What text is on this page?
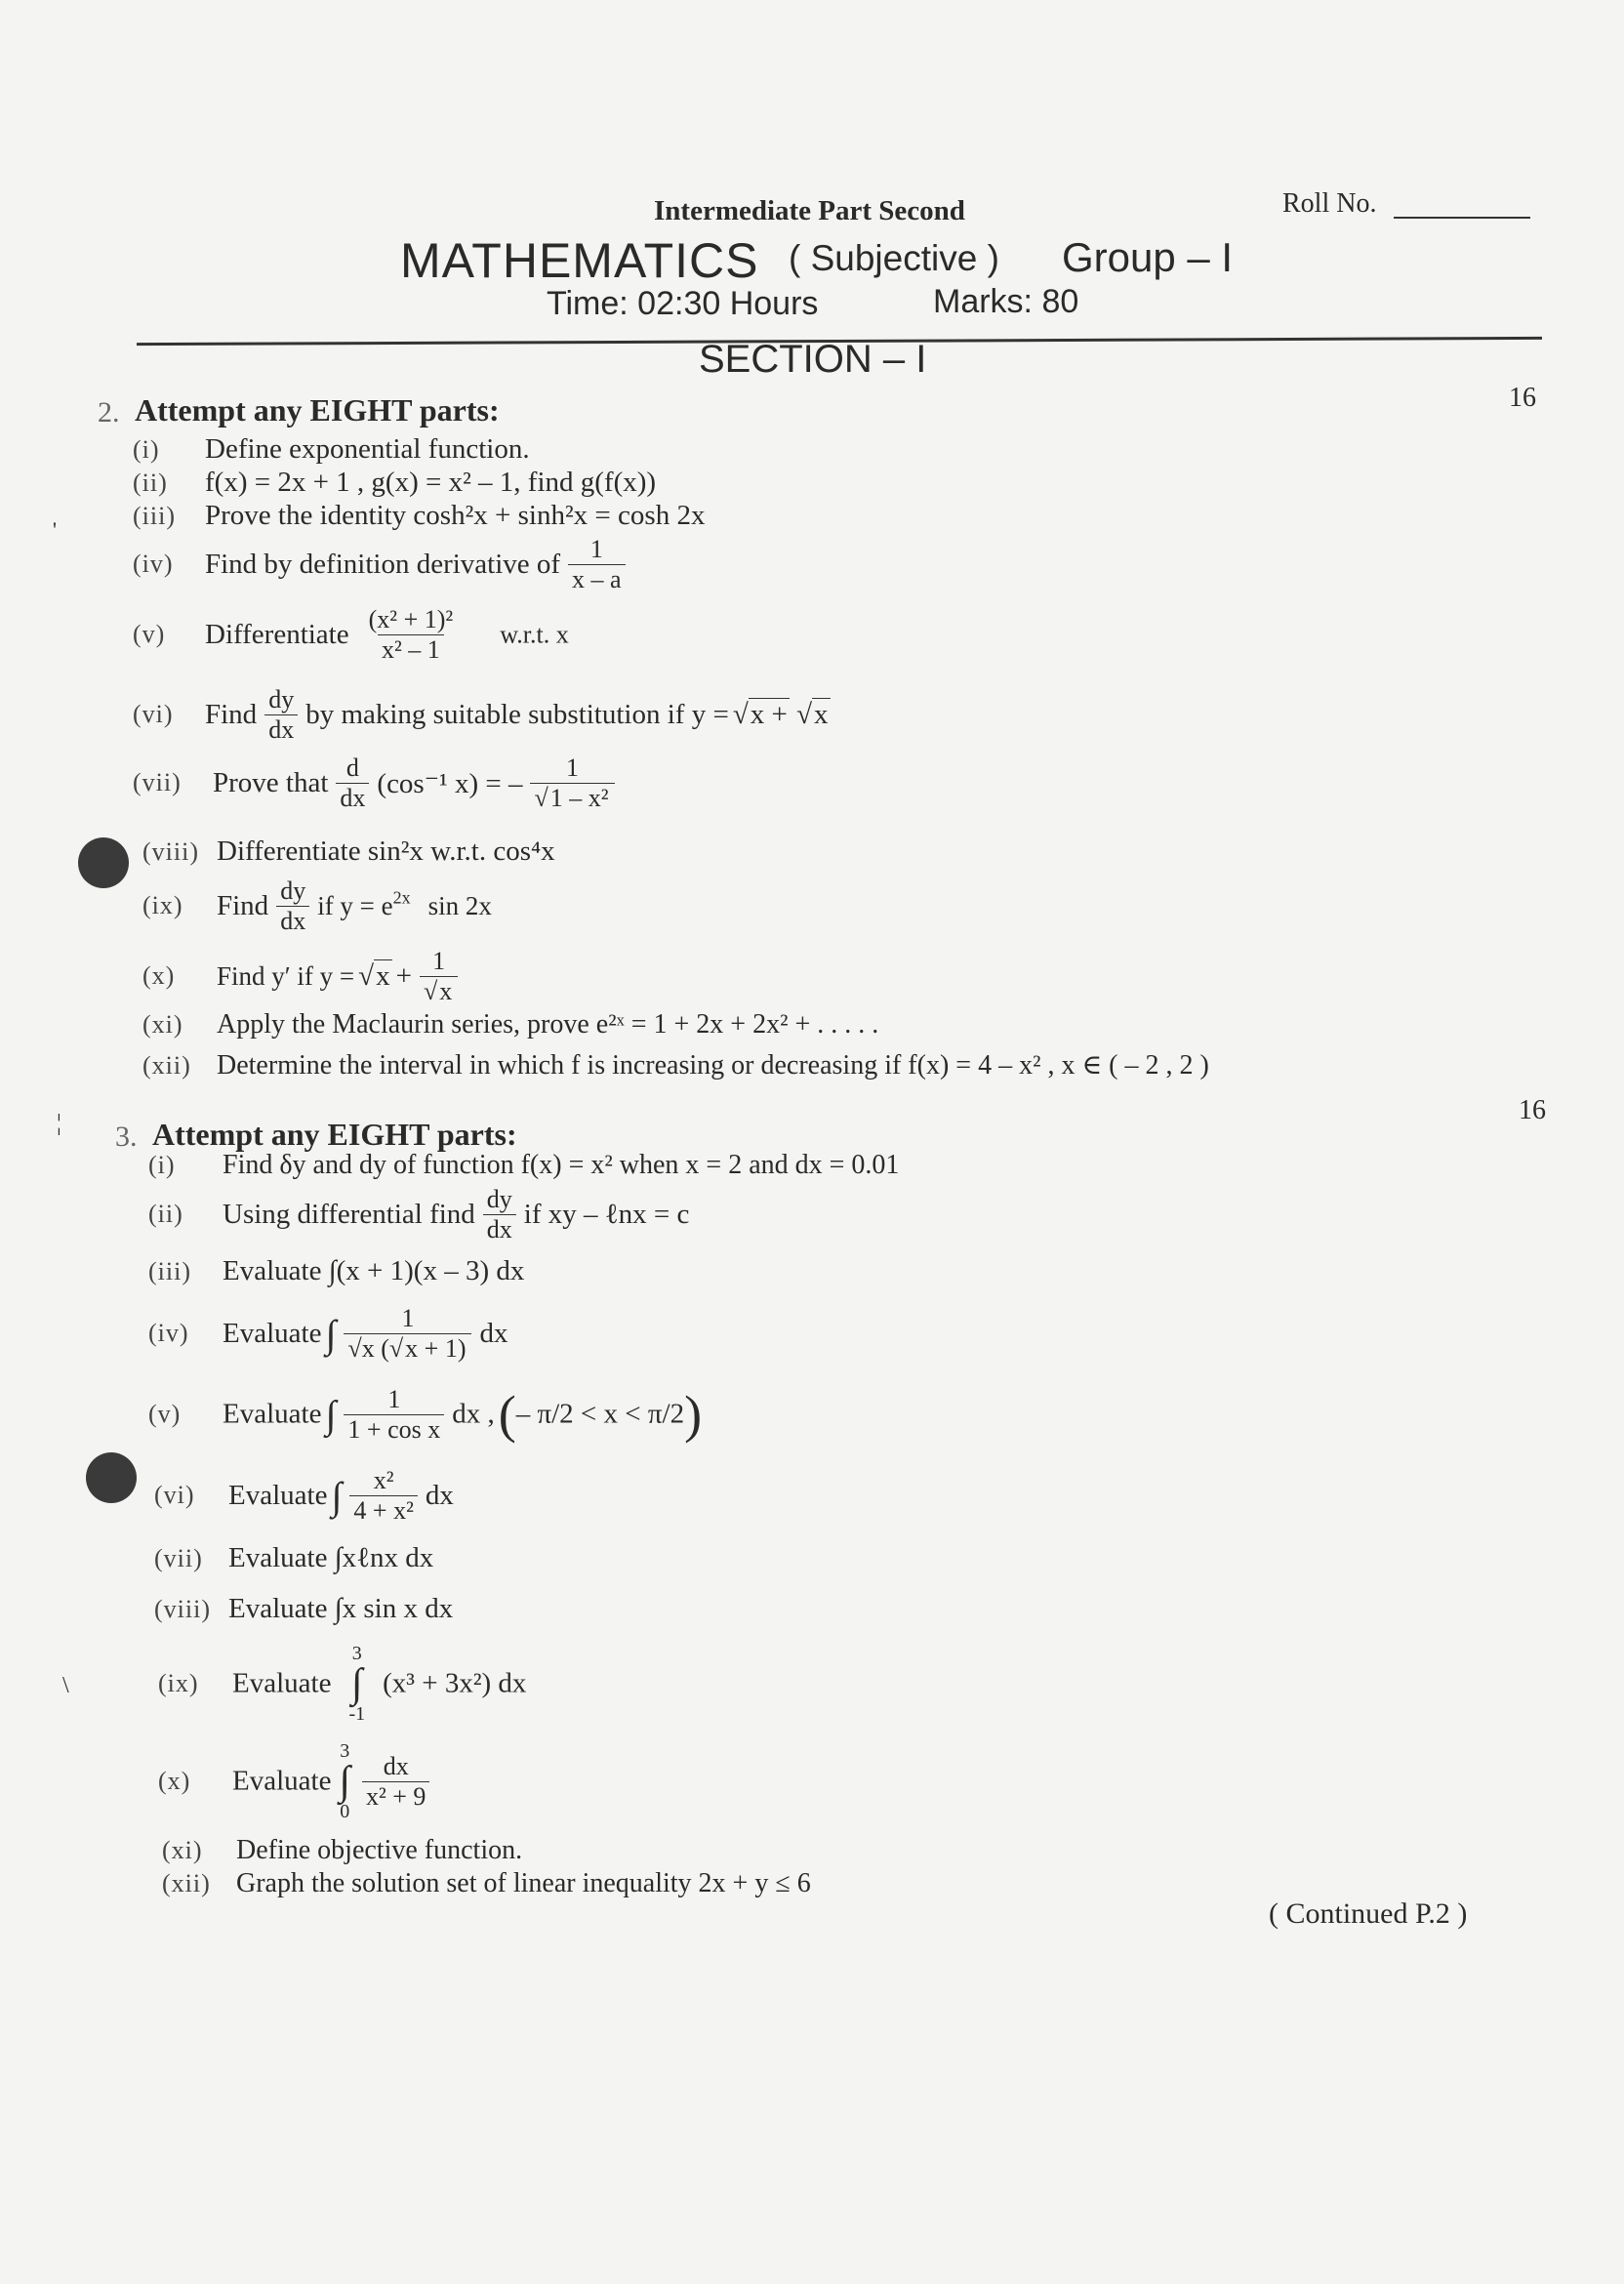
Intermediate Part Second	Roll No.
MATHEMATICS ( Subjective ) Group – I
Time: 02:30 Hours	Marks: 80
SECTION – I
2. Attempt any EIGHT parts:	16
(i) Define exponential function.
(ii) f(x) = 2x + 1 , g(x) = x² – 1, find g(f(x))
(iii) Prove the identity cosh²x + sinh²x = cosh 2x
(iv) Find by definition derivative of $\frac{1}{x - a}$
(v) Differentiate $\frac{\text{(x² + 1)²}}{\text{x² – 1}} w.r.t$. x
(vi) Find $\frac{dy}{dx}$ by making suitable substitution if y = √x + √x
(vii) Prove that $\frac{d}{dx} (\cos^{-1}$ x) = – $\frac{1}{\text{√1 – x²}}$
(viii) Differentiate sin²x w.r.t. cos⁴x
(ix) Find $\frac{dy}{dx}$ if $y = e^{2x}$ sin 2x
(x) Find y′ if $y = √x + \frac{1}{√x}$
(xi) Apply the Maclaurin series, prove e²ˣ = 1 + 2x + 2x² + . . . . .
(xii) Determine the interval in which f is increasing or decreasing if f(x) = 4 – x² , x ∈ ( – 2 , 2 )
3. Attempt any EIGHT parts:
16
(i) Find δy and dy of function f(x) = x² when x = 2 and dx = 0.01
(ii) Using differential find $\frac{dy}{dx}$ if xy – ℓnx = c
(iii) Evaluate ∫(x + 1)(x – 3) dx
(iv) Evaluate ∫ $\frac{1}{√x (√x + 1)}$ dx
(v) Evaluate ∫ $\frac{1}{\text{1 + cos x}}$ dx , (– π/2 < x < π/2)
(vi) Evaluate ∫ $\frac{\text{x²}}{\text{4 + x²}}$ dx
(vii) Evaluate ∫xℓnx dx
(viii) Evaluate ∫x sin x dx
(ix) Evaluate
3
∫
-1
(x³ + 3x²) dx
(x) Evaluate
3
∫
0

$\frac{dx}{\text{x² + 9}}$
(xi) Define objective function.
(xii) Graph the solution set of linear inequality 2x + y ≤ 6
( Continued P.2 )
'
¦
\
